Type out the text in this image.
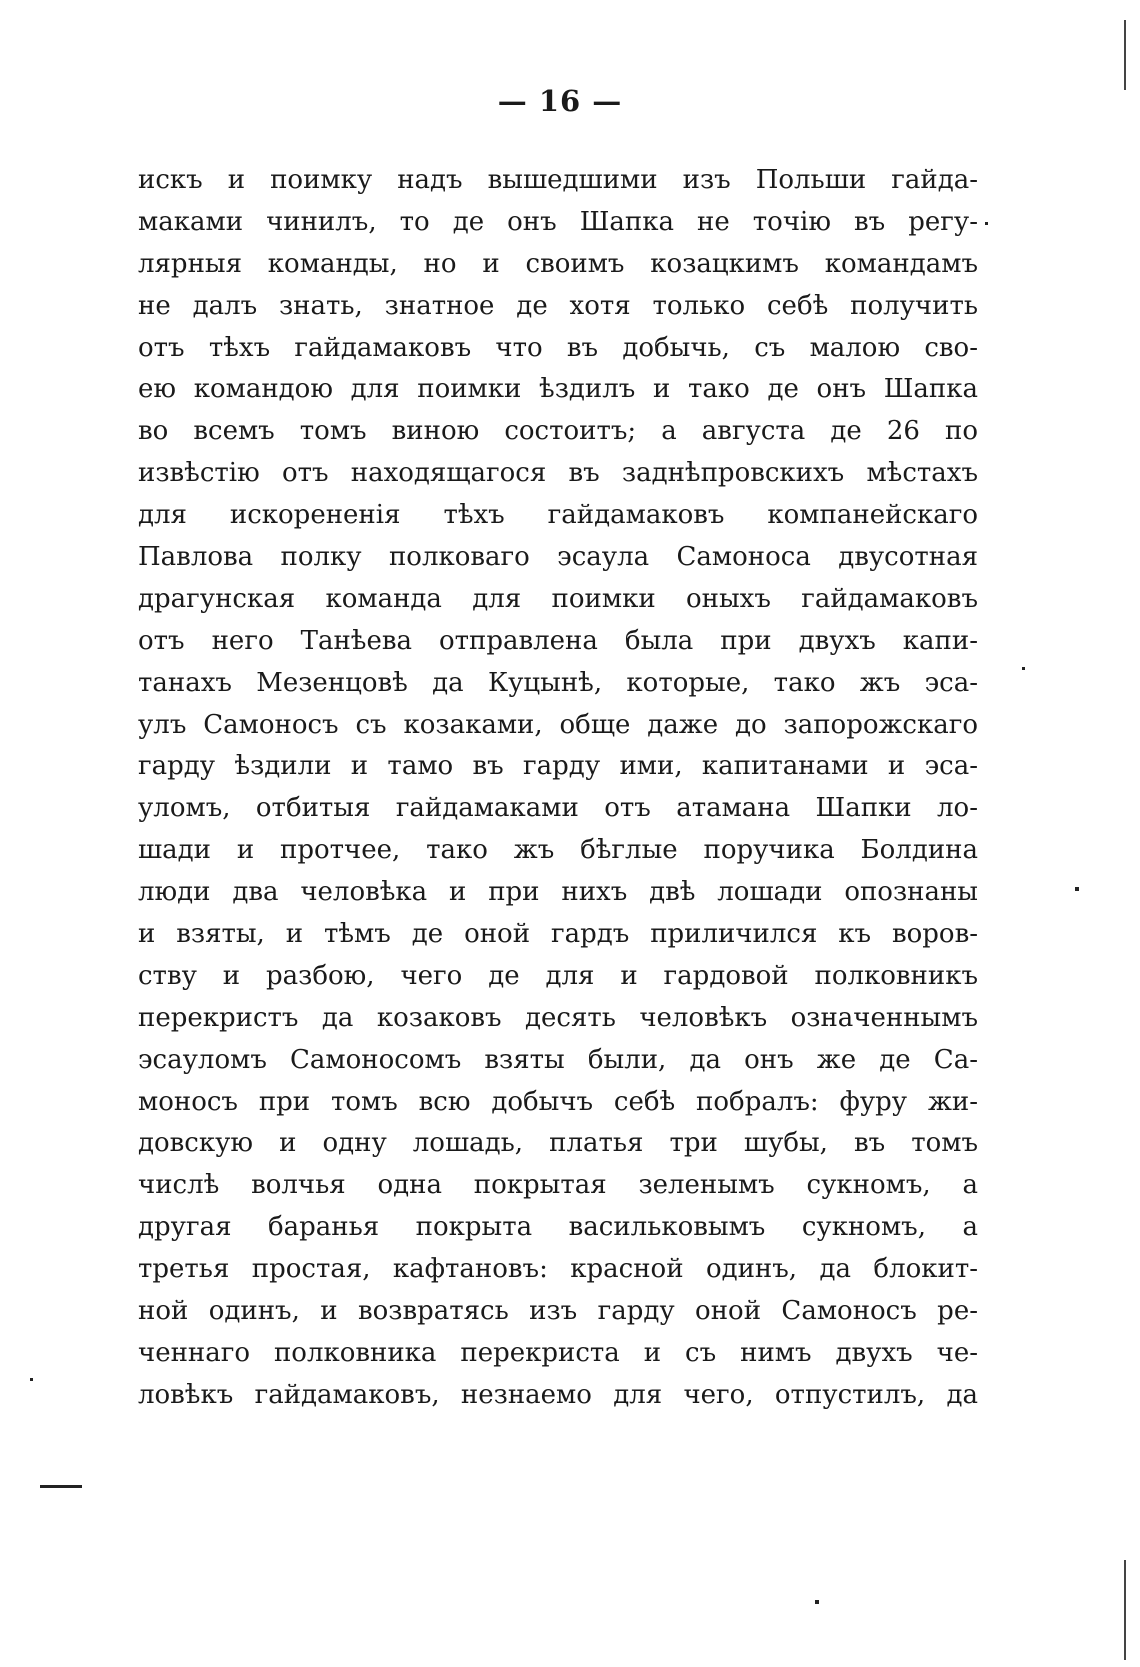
— 16 —
искъ и поимку надъ вышедшими изъ Польши гайда-
маками чинилъ, то де онъ Шапка не точію въ регу-
лярныя команды, но и своимъ козацкимъ командамъ
не далъ знать, знатное де хотя только себѣ получить
отъ тѣхъ гайдамаковъ что въ добычь, съ малою сво-
ею командою для поимки ѣздилъ и тако де онъ Шапка
во всемъ томъ виною состоитъ; а августа де 26 по
извѣстію отъ находящагося въ заднѣпровскихъ мѣстахъ
для искорененія тѣхъ гайдамаковъ компанейскаго
Павлова полку полковаго эсаула Самоноса двусотная
драгунская команда для поимки оныхъ гайдамаковъ
отъ него Танѣева отправлена была при двухъ капи-
танахъ Мезенцовѣ да Куцынѣ, которые, тако жъ эса-
улъ Самоносъ съ козаками, обще даже до запорожскаго
гарду ѣздили и тамо въ гарду ими, капитанами и эса-
уломъ, отбитыя гайдамаками отъ атамана Шапки ло-
шади и протчее, тако жъ бѣглые поручика Болдина
люди два человѣка и при нихъ двѣ лошади опознаны
и взяты, и тѣмъ де оной гардъ приличился къ воров-
ству и разбою, чего де для и гардовой полковникъ
перекристъ да козаковъ десять человѣкъ означеннымъ
эсауломъ Самоносомъ взяты были, да онъ же де Са-
моносъ при томъ всю добычъ себѣ побралъ: фуру жи-
довскую и одну лошадь, платья три шубы, въ томъ
числѣ волчья одна покрытая зеленымъ сукномъ, а
другая баранья покрыта васильковымъ сукномъ, а
третья простая, кафтановъ: красной одинъ, да блокит-
ной одинъ, и возвратясь изъ гарду оной Самоносъ ре-
ченнаго полковника перекриста и съ нимъ двухъ че-
ловѣкъ гайдамаковъ, незнаемо для чего, отпустилъ, да
